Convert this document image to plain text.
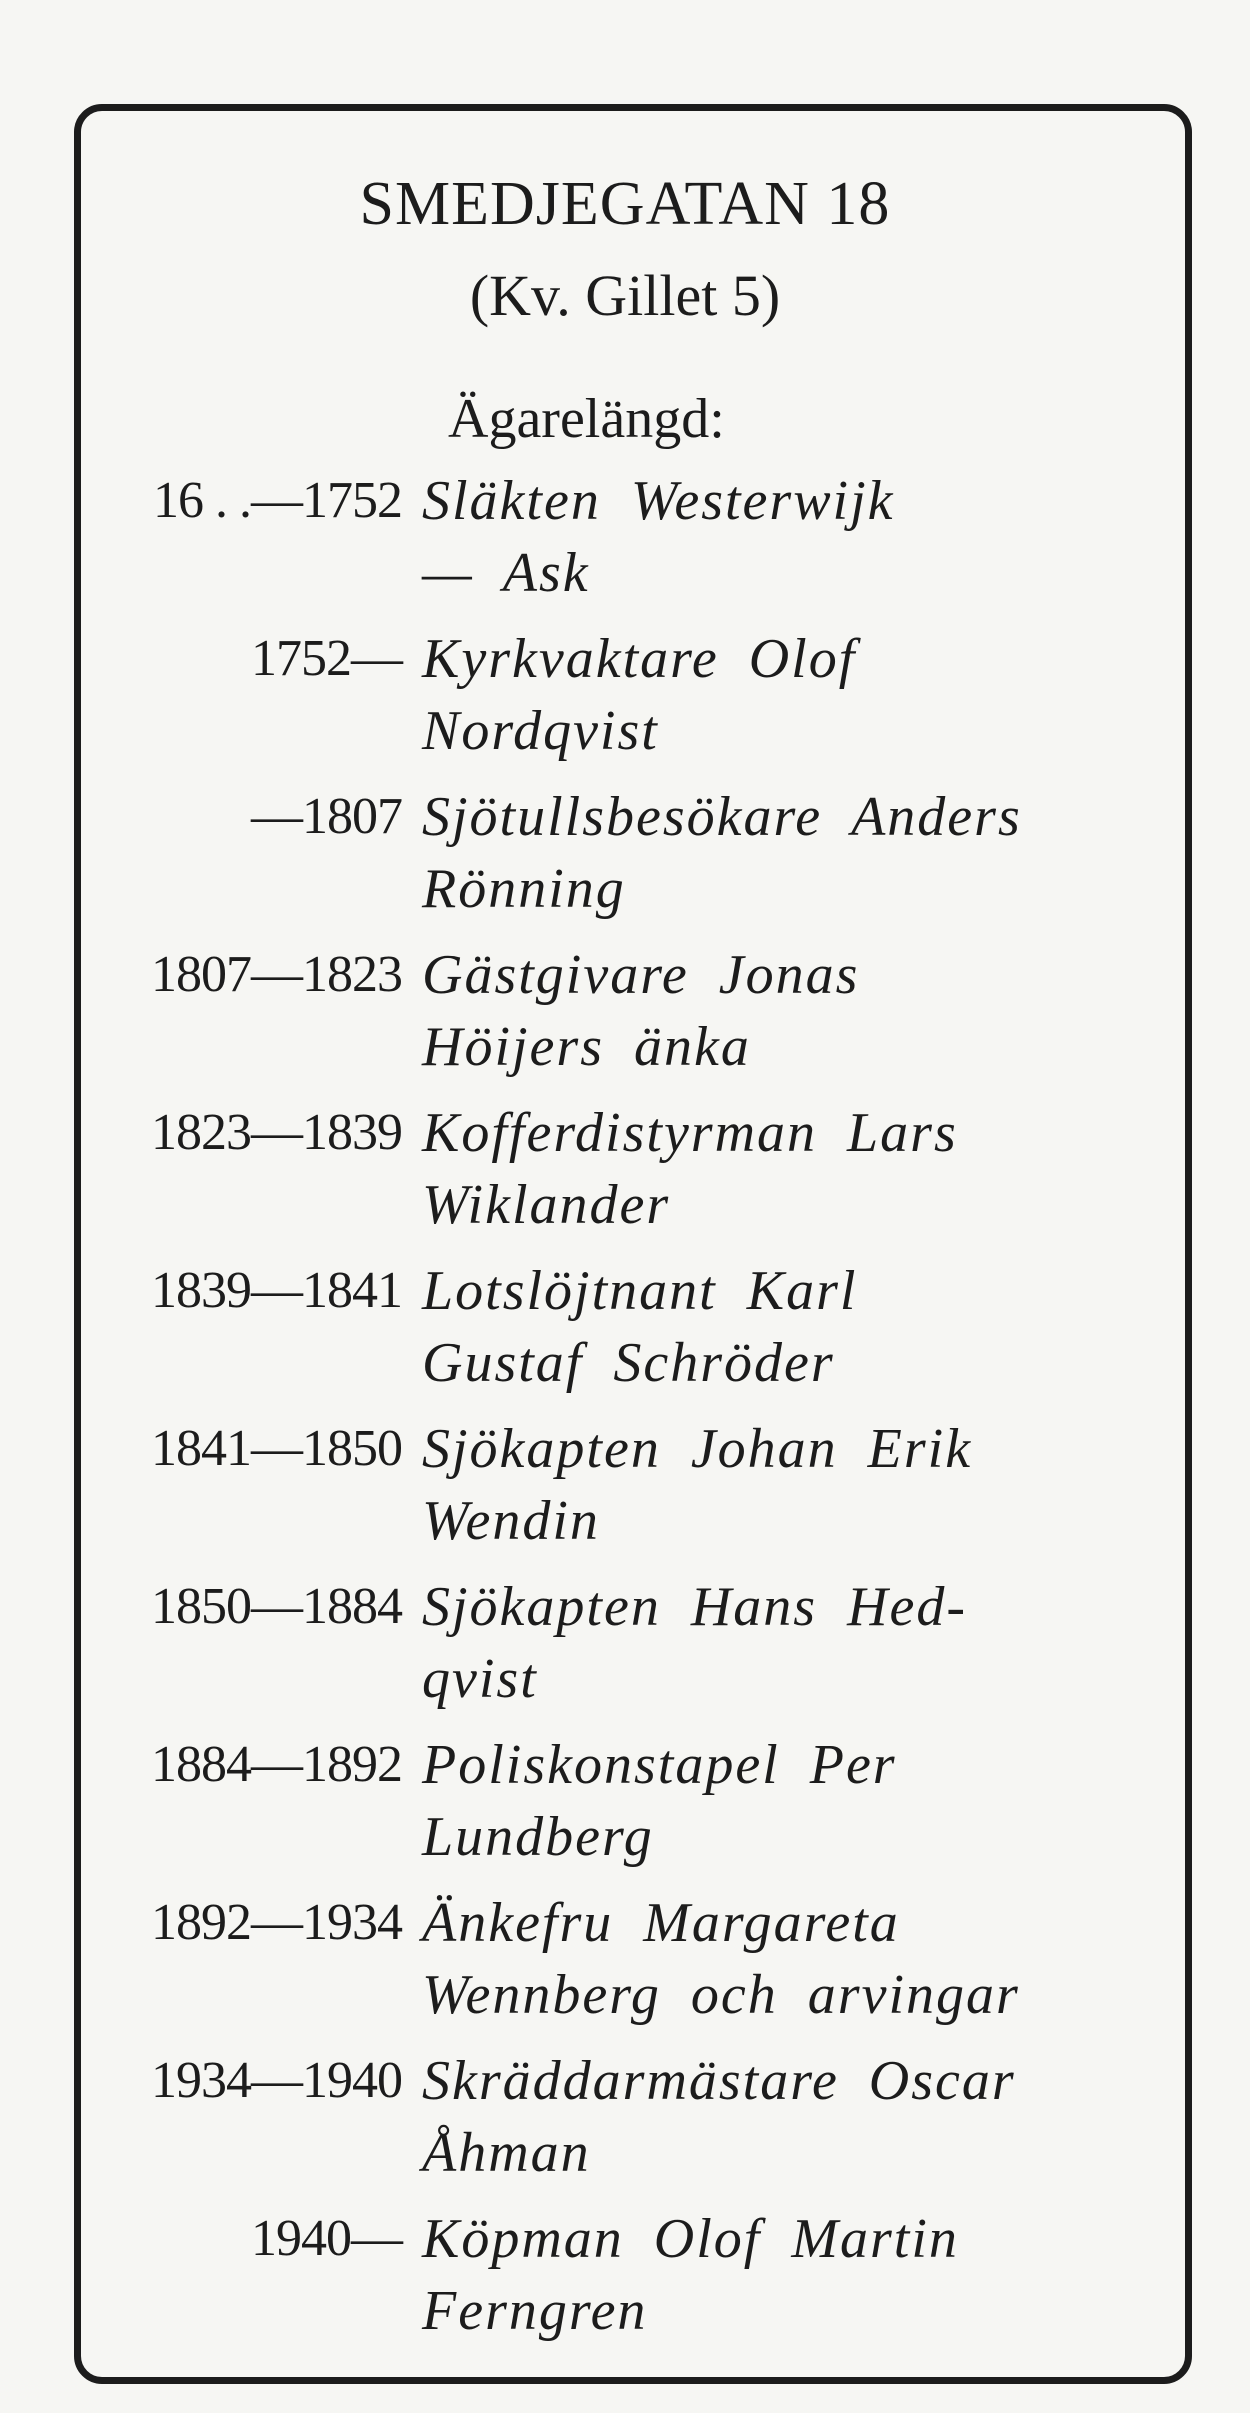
SMEDJEGATAN 18
(Kv. Gillet 5)
Ägarelängd:
16 . .—1752 Släkten Westerwijk
— Ask
1752— Kyrkvaktare Olof
Nordqvist
—1807 Sjötullsbesökare Anders
Rönning
1807—1823 Gästgivare Jonas
Höijers änka
1823—1839 Kofferdistyrman Lars
Wiklander
1839—1841 Lotslöjtnant Karl
Gustaf Schröder
1841—1850 Sjökapten Johan Erik
Wendin
1850—1884 Sjökapten Hans Hed-
qvist
1884—1892 Poliskonstapel Per
Lundberg
1892—1934 Änkefru Margareta
Wennberg och arvingar
1934—1940 Skräddarmästare Oscar
Åhman
1940— Köpman Olof Martin
Ferngren
